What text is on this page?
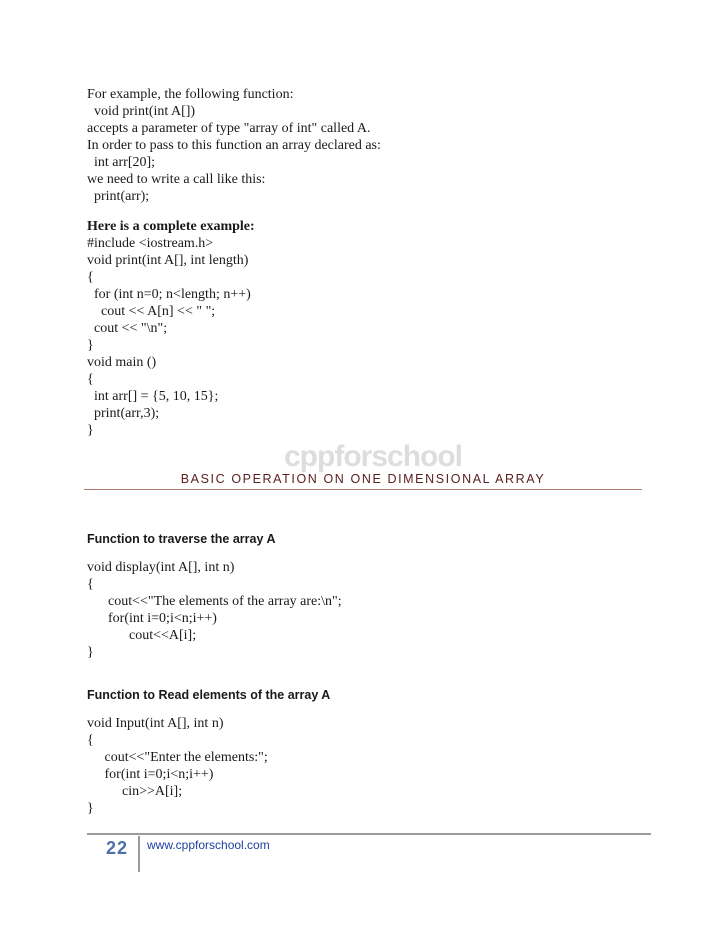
For example, the following function:
void print(int A[])
accepts a parameter of type "array of int" called A.
In order to pass to this function an array declared as:
int arr[20];
we need to write a call like this:
print(arr);
Here is a complete example:
#include <iostream.h>
void print(int A[], int length)
{
for (int n=0; n<length; n++)
cout << A[n] << " ";
cout << "\n";
}
void main ()
{
int arr[] = {5, 10, 15};
print(arr,3);
}
cppforschool
BASIC OPERATION ON ONE DIMENSIONAL ARRAY
Function to traverse the array A
void display(int A[], int n)
{
cout<<"The elements of the array are:\n";
for(int i=0;i<n;i++)
cout<<A[i];
}
Function to Read elements of the array A
void Input(int A[], int n)
{
cout<<"Enter the elements:";
for(int i=0;i<n;i++)
cin>>A[i];
}
22 www.cppforschool.com
